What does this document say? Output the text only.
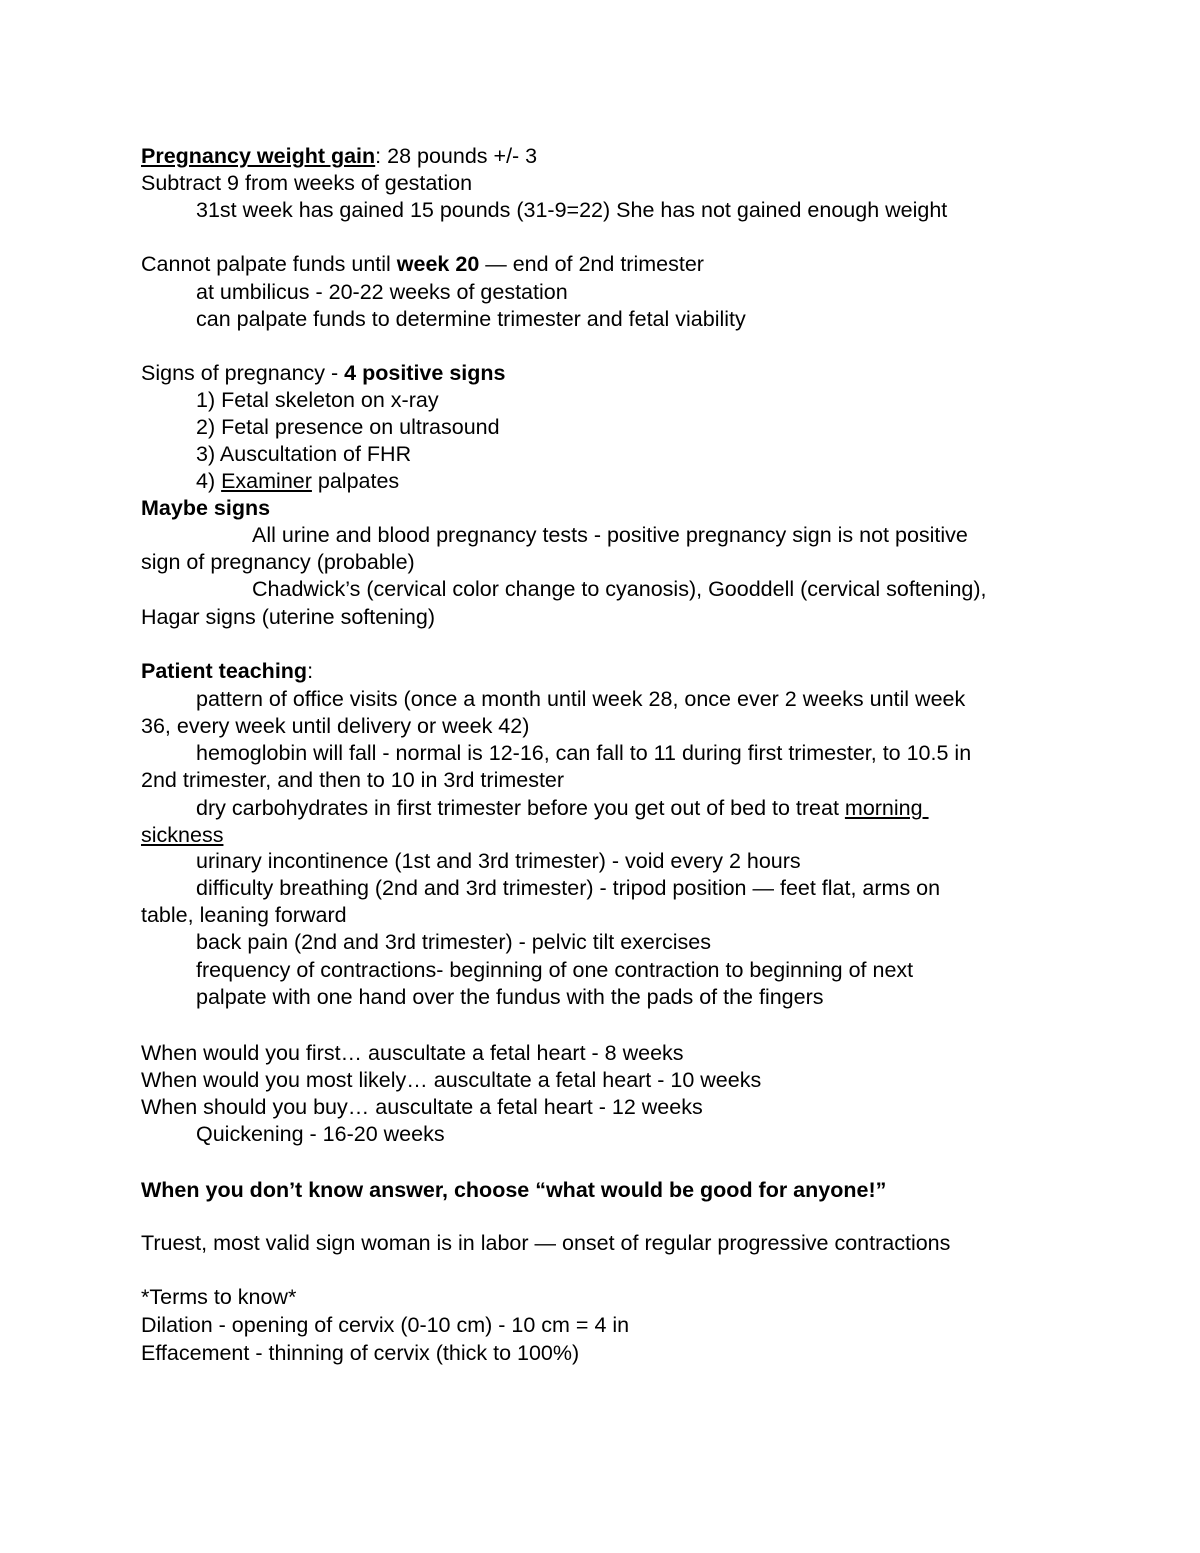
Pregnancy weight gain: 28 pounds +/- 3

Subtract 9 from weeks of gestation

31st week has gained 15 pounds (31-9=22) She has not gained enough weight

Cannot palpate funds until week 20 — end of 2nd trimester

at umbilicus - 20-22 weeks of gestation

can palpate funds to determine trimester and fetal viability

Signs of pregnancy - 4 positive signs

1) Fetal skeleton on x-ray

2) Fetal presence on ultrasound

3) Auscultation of FHR

4) Examiner palpates

Maybe signs

All urine and blood pregnancy tests - positive pregnancy sign is not positive

sign of pregnancy (probable)

Chadwick’s (cervical color change to cyanosis), Gooddell (cervical softening),

Hagar signs (uterine softening)

Patient teaching:

pattern of office visits (once a month until week 28, once ever 2 weeks until week

36, every week until delivery or week 42)

hemoglobin will fall - normal is 12-16, can fall to 11 during first trimester, to 10.5 in

2nd trimester, and then to 10 in 3rd trimester

dry carbohydrates in first trimester before you get out of bed to treat morning

sickness

urinary incontinence (1st and 3rd trimester) - void every 2 hours

difficulty breathing (2nd and 3rd trimester) - tripod position — feet flat, arms on

table, leaning forward

back pain (2nd and 3rd trimester) - pelvic tilt exercises

frequency of contractions- beginning of one contraction to beginning of next

palpate with one hand over the fundus with the pads of the fingers

When would you first… auscultate a fetal heart - 8 weeks

When would you most likely… auscultate a fetal heart - 10 weeks

When should you buy… auscultate a fetal heart - 12 weeks

Quickening - 16-20 weeks

When you don’t know answer, choose “what would be good for anyone!”

Truest, most valid sign woman is in labor — onset of regular progressive contractions

*Terms to know*

Dilation - opening of cervix (0-10 cm) - 10 cm = 4 in

Effacement - thinning of cervix (thick to 100%)
